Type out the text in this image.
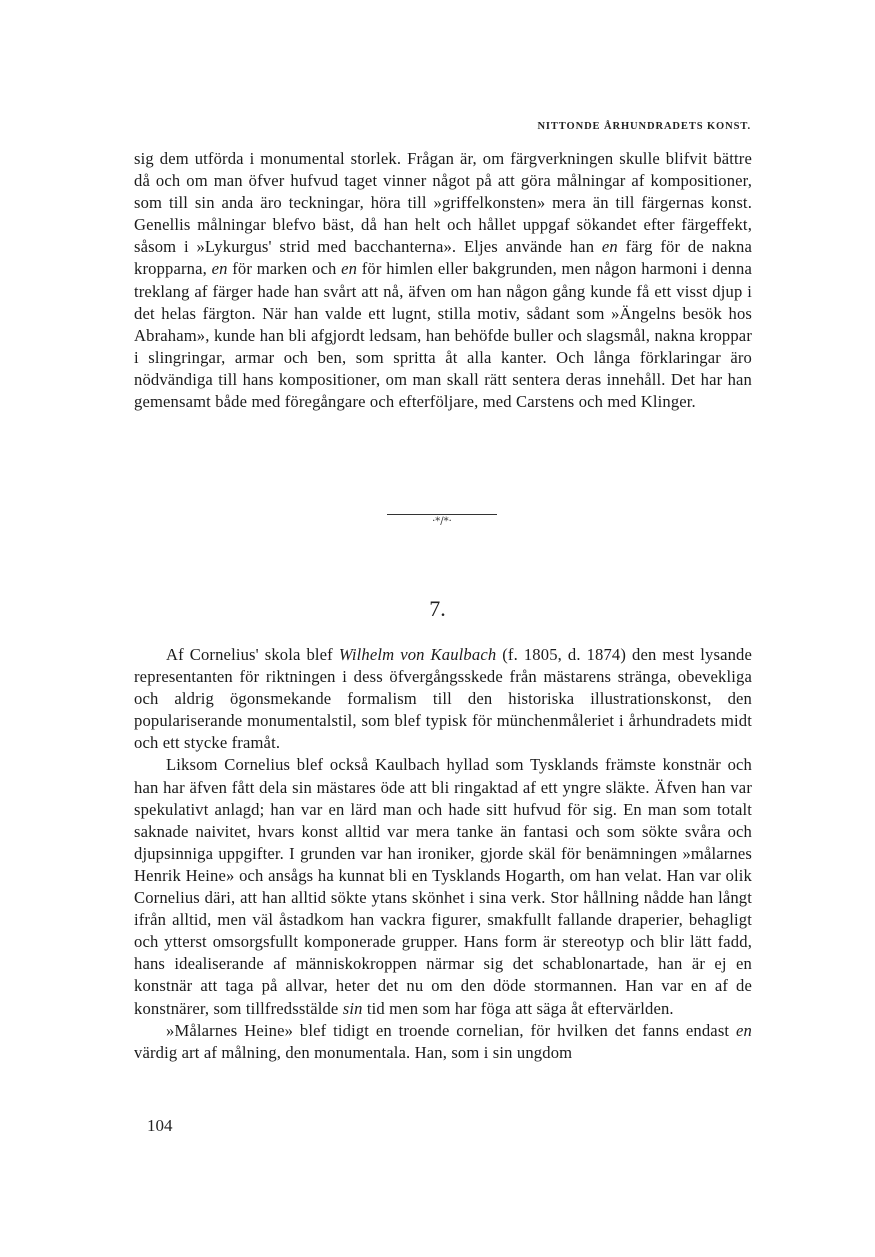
NITTONDE ÅRHUNDRADETS KONST.

sig dem utförda i monumental storlek. Frågan är, om färgverkningen skulle blifvit bättre då och om man öfver hufvud taget vinner något på att göra målningar af kompositioner, som till sin anda äro teckningar, höra till »griffelkonsten» mera än till färgernas konst. Genellis målningar blefvo bäst, då han helt och hållet uppgaf sökandet efter färgeffekt, såsom i »Lykurgus' strid med bacchanterna». Eljes använde han en färg för de nakna kropparna, en för marken och en för himlen eller bakgrunden, men någon harmoni i denna treklang af färger hade han svårt att nå, äfven om han någon gång kunde få ett visst djup i det helas färgton. När han valde ett lugnt, stilla motiv, sådant som »Ängelns besök hos Abraham», kunde han bli afgjordt ledsam, han behöfde buller och slagsmål, nakna kroppar i slingringar, armar och ben, som spritta åt alla kanter. Och långa förklaringar äro nödvändiga till hans kompositioner, om man skall rätt sentera deras innehåll. Det har han gemensamt både med föregångare och efterföljare, med Carstens och med Klinger.

·*/*·
7.

Af Cornelius' skola blef Wilhelm von Kaulbach (f. 1805, d. 1874) den mest lysande representanten för riktningen i dess öfvergångsskede från mästarens stränga, obevekliga och aldrig ögonsmekande formalism till den historiska illustrationskonst, den populariserande monumentalstil, som blef typisk för münchenmåleriet i århundradets midt och ett stycke framåt.

Liksom Cornelius blef också Kaulbach hyllad som Tysklands främste konstnär och han har äfven fått dela sin mästares öde att bli ringaktad af ett yngre släkte. Äfven han var spekulativt anlagd; han var en lärd man och hade sitt hufvud för sig. En man som totalt saknade naivitet, hvars konst alltid var mera tanke än fantasi och som sökte svåra och djupsinniga uppgifter. I grunden var han ironiker, gjorde skäl för benämningen »målarnes Henrik Heine» och ansågs ha kunnat bli en Tysklands Hogarth, om han velat. Han var olik Cornelius däri, att han alltid sökte ytans skönhet i sina verk. Stor hållning nådde han långt ifrån alltid, men väl åstadkom han vackra figurer, smakfullt fallande draperier, behagligt och ytterst omsorgsfullt komponerade grupper. Hans form är stereotyp och blir lätt fadd, hans idealiserande af människokroppen närmar sig det schablonartade, han är ej en konstnär att taga på allvar, heter det nu om den döde stormannen. Han var en af de konstnärer, som tillfredsstälde sin tid men som har föga att säga åt eftervärlden.

»Målarnes Heine» blef tidigt en troende cornelian, för hvilken det fanns endast en värdig art af målning, den monumentala. Han, som i sin ungdom

104
